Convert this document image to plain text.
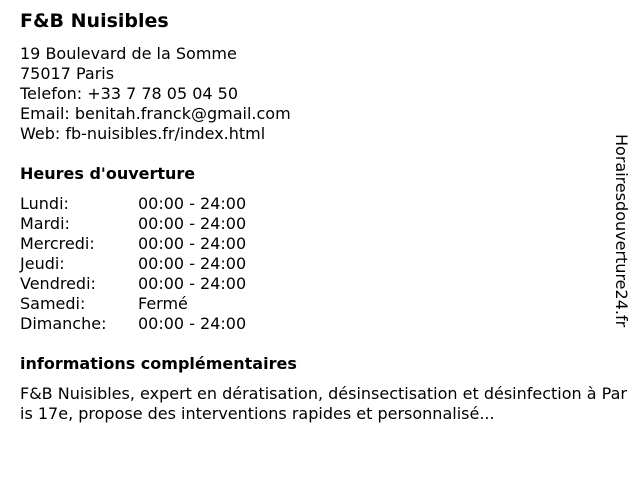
F&B Nuisibles
19 Boulevard de la Somme
75017 Paris
Telefon: +33 7 78 05 04 50
Email: benitah.franck@gmail.com
Web: fb-nuisibles.fr/index.html
Heures d'ouverture
Lundi:	00:00 - 24:00
Mardi:	00:00 - 24:00
Mercredi:	00:00 - 24:00
Jeudi:	00:00 - 24:00
Vendredi:	00:00 - 24:00
Samedi:	Fermé
Dimanche: 00:00 - 24:00
informations complémentaires
F&B Nuisibles, expert en dératisation, désinsectisation et désinfection à Paris 17e, propose des interventions rapides et personnalisé...
Horairesdouverture24.fr
